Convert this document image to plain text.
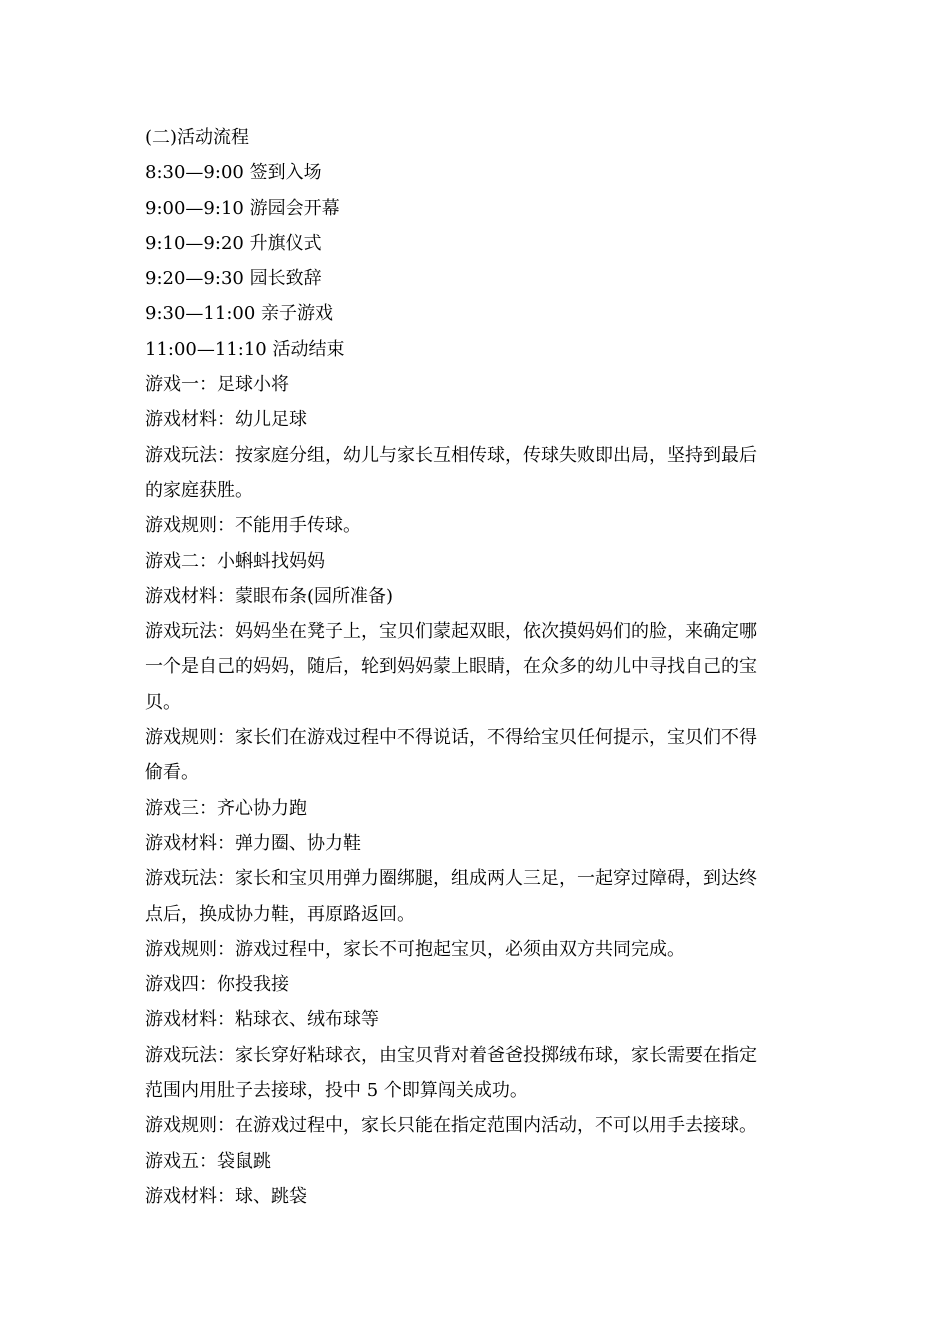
(二)活动流程

8:30—9:00 签到入场

9:00—9:10 游园会开幕

9:10—9:20 升旗仪式

9:20—9:30 园长致辞

9:30—11:00 亲子游戏

11:00—11:10 活动结束

游戏一：足球小将

游戏材料：幼儿足球

游戏玩法：按家庭分组，幼儿与家长互相传球，传球失败即出局，坚持到最后

的家庭获胜。

游戏规则：不能用手传球。

游戏二：小蝌蚪找妈妈

游戏材料：蒙眼布条(园所准备)

游戏玩法：妈妈坐在凳子上，宝贝们蒙起双眼，依次摸妈妈们的脸，来确定哪

一个是自己的妈妈，随后，轮到妈妈蒙上眼睛，在众多的幼儿中寻找自己的宝

贝。

游戏规则：家长们在游戏过程中不得说话，不得给宝贝任何提示，宝贝们不得

偷看。

游戏三：齐心协力跑

游戏材料：弹力圈、协力鞋

游戏玩法：家长和宝贝用弹力圈绑腿，组成两人三足，一起穿过障碍，到达终

点后，换成协力鞋，再原路返回。

游戏规则：游戏过程中，家长不可抱起宝贝，必须由双方共同完成。

游戏四：你投我接

游戏材料：粘球衣、绒布球等

游戏玩法：家长穿好粘球衣，由宝贝背对着爸爸投掷绒布球，家长需要在指定

范围内用肚子去接球，投中 5 个即算闯关成功。

游戏规则：在游戏过程中，家长只能在指定范围内活动，不可以用手去接球。

游戏五：袋鼠跳

游戏材料：球、跳袋
